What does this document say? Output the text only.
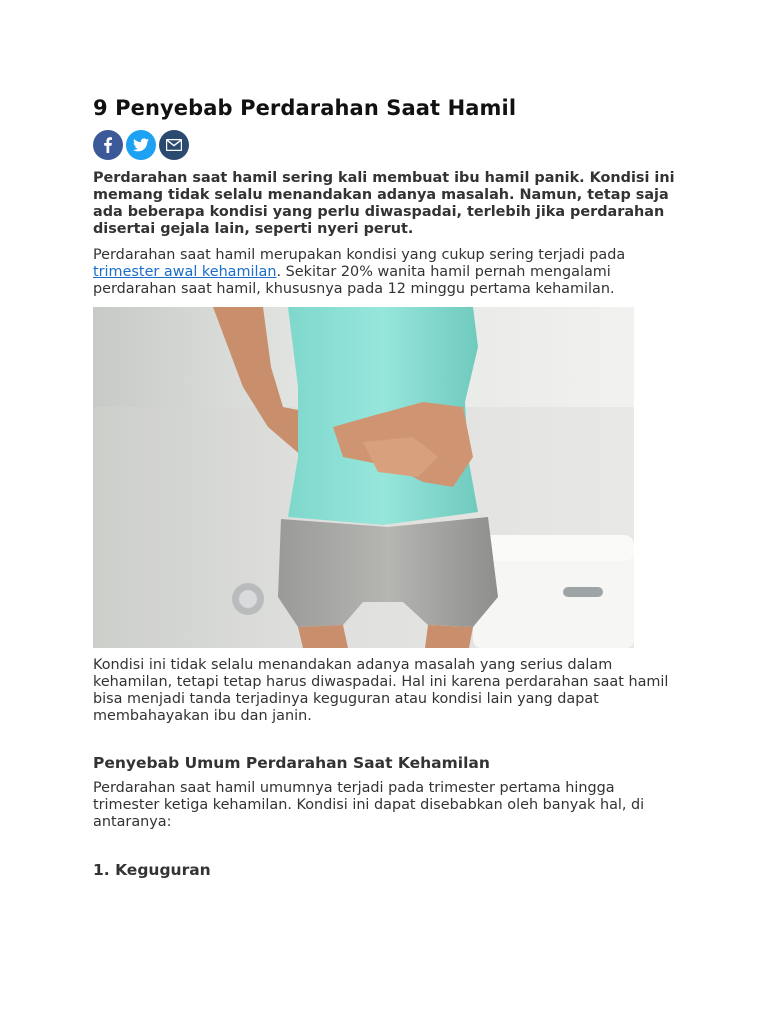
9 Penyebab Perdarahan Saat Hamil

Perdarahan saat hamil sering kali membuat ibu hamil panik. Kondisi ini memang tidak selalu menandakan adanya masalah. Namun, tetap saja ada beberapa kondisi yang perlu diwaspadai, terlebih jika perdarahan disertai gejala lain, seperti nyeri perut.

Perdarahan saat hamil merupakan kondisi yang cukup sering terjadi pada trimester awal kehamilan. Sekitar 20% wanita hamil pernah mengalami perdarahan saat hamil, khususnya pada 12 minggu pertama kehamilan.

Kondisi ini tidak selalu menandakan adanya masalah yang serius dalam kehamilan, tetapi tetap harus diwaspadai. Hal ini karena perdarahan saat hamil bisa menjadi tanda terjadinya keguguran atau kondisi lain yang dapat membahayakan ibu dan janin.

Penyebab Umum Perdarahan Saat Kehamilan

Perdarahan saat hamil umumnya terjadi pada trimester pertama hingga trimester ketiga kehamilan. Kondisi ini dapat disebabkan oleh banyak hal, di antaranya:

1. Keguguran
